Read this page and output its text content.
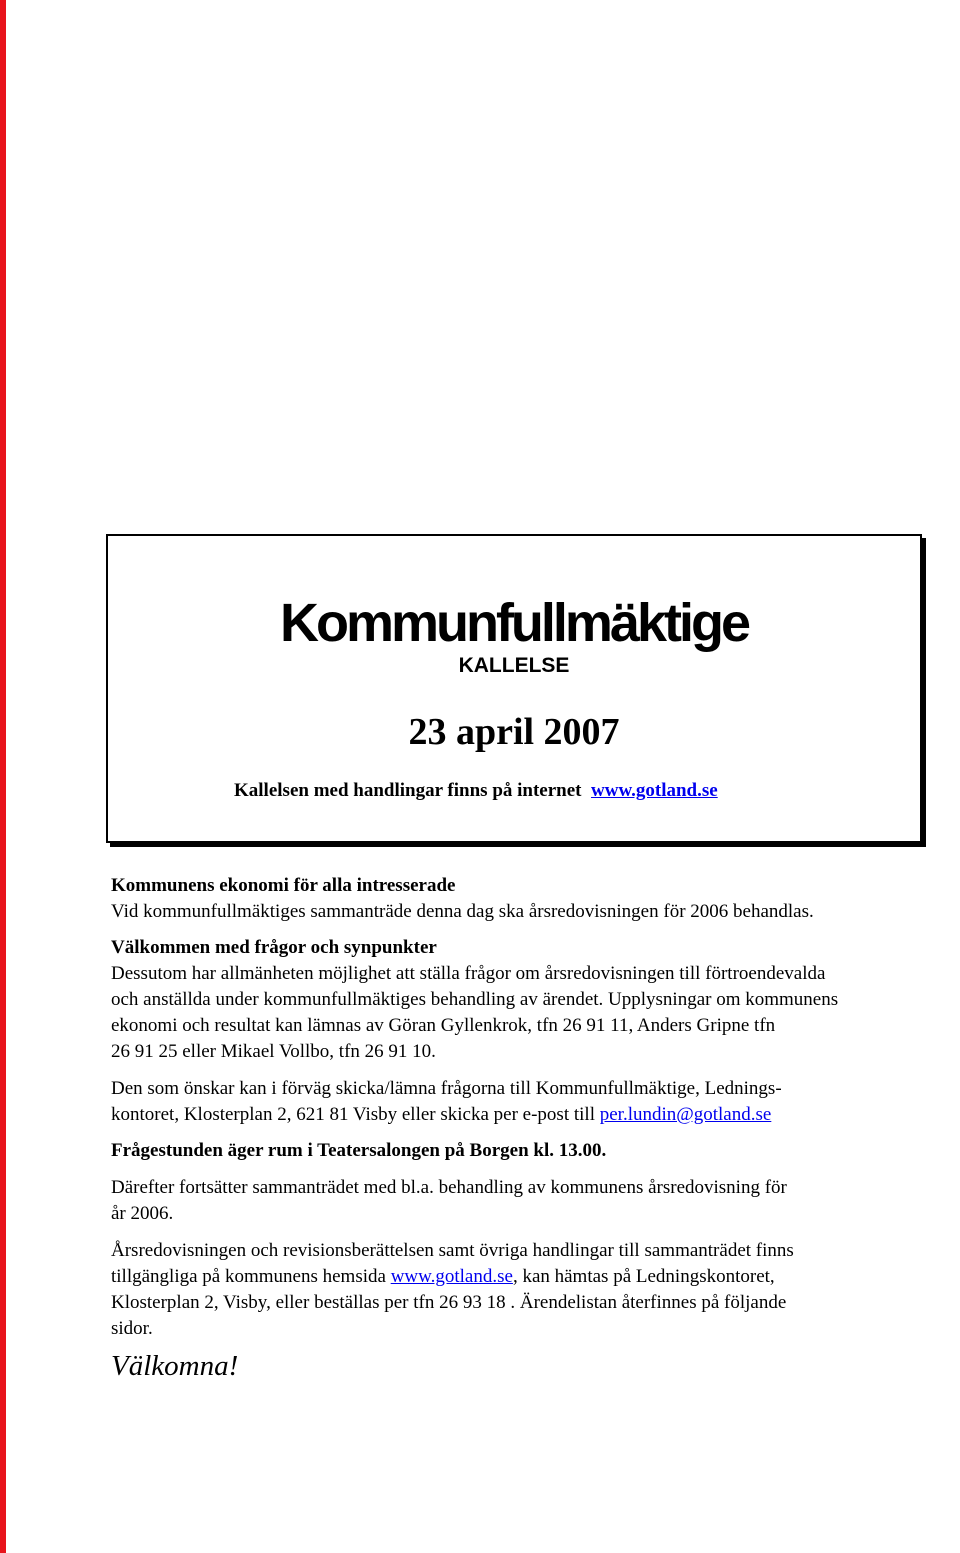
Kommunfullmäktige
KALLELSE
23 april 2007
Kallelsen med handlingar finns på internet www.gotland.se
Kommunens ekonomi för alla intresserade
Vid kommunfullmäktiges sammanträde denna dag ska årsredovisningen för 2006 behandlas.
Välkommen med frågor och synpunkter
Dessutom har allmänheten möjlighet att ställa frågor om årsredovisningen till förtroendevalda
och anställda under kommunfullmäktiges behandling av ärendet. Upplysningar om kommunens
ekonomi och resultat kan lämnas av Göran Gyllenkrok, tfn 26 91 11, Anders Gripne tfn
26 91 25 eller Mikael Vollbo, tfn 26 91 10.
Den som önskar kan i förväg skicka/lämna frågorna till Kommunfullmäktige, Lednings-
kontoret, Klosterplan 2, 621 81 Visby eller skicka per e-post till per.lundin@gotland.se
Frågestunden äger rum i Teatersalongen på Borgen kl. 13.00.
Därefter fortsätter sammanträdet med bl.a. behandling av kommunens årsredovisning för
år 2006.
Årsredovisningen och revisionsberättelsen samt övriga handlingar till sammanträdet finns
tillgängliga på kommunens hemsida www.gotland.se, kan hämtas på Ledningskontoret,
Klosterplan 2, Visby, eller beställas per tfn 26 93 18 . Ärendelistan återfinnes på följande
sidor.
Välkomna!
